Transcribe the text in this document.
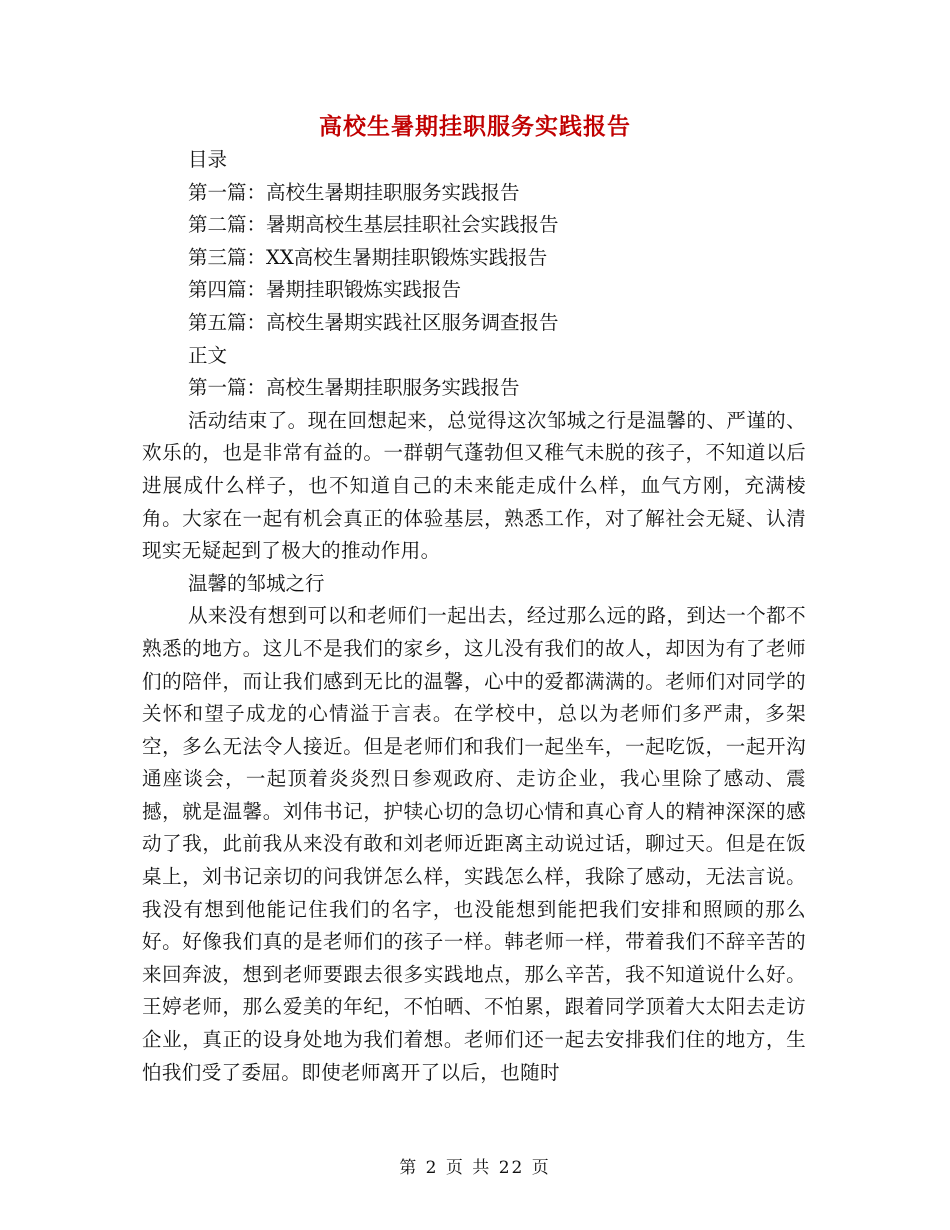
高校生暑期挂职服务实践报告

目录

第一篇：高校生暑期挂职服务实践报告

第二篇：暑期高校生基层挂职社会实践报告

第三篇：XX高校生暑期挂职锻炼实践报告

第四篇：暑期挂职锻炼实践报告

第五篇：高校生暑期实践社区服务调查报告

正文

第一篇：高校生暑期挂职服务实践报告

活动结束了。现在回想起来，总觉得这次邹城之行是温馨的、严谨的、欢乐的，也是非常有益的。一群朝气蓬勃但又稚气未脱的孩子，不知道以后进展成什么样子，也不知道自己的未来能走成什么样，血气方刚，充满棱角。大家在一起有机会真正的体验基层，熟悉工作，对了解社会无疑、认清现实无疑起到了极大的推动作用。

温馨的邹城之行

从来没有想到可以和老师们一起出去，经过那么远的路，到达一个都不熟悉的地方。这儿不是我们的家乡，这儿没有我们的故人，却因为有了老师们的陪伴，而让我们感到无比的温馨，心中的爱都满满的。老师们对同学的关怀和望子成龙的心情溢于言表。在学校中，总以为老师们多严肃，多架空，多么无法令人接近。但是老师们和我们一起坐车，一起吃饭，一起开沟通座谈会，一起顶着炎炎烈日参观政府、走访企业，我心里除了感动、震撼，就是温馨。刘伟书记，护犊心切的急切心情和真心育人的精神深深的感动了我，此前我从来没有敢和刘老师近距离主动说过话，聊过天。但是在饭桌上，刘书记亲切的问我饼怎么样，实践怎么样，我除了感动，无法言说。我没有想到他能记住我们的名字，也没能想到能把我们安排和照顾的那么好。好像我们真的是老师们的孩子一样。韩老师一样，带着我们不辞辛苦的来回奔波，想到老师要跟去很多实践地点，那么辛苦，我不知道说什么好。王婷老师，那么爱美的年纪，不怕晒、不怕累，跟着同学顶着大太阳去走访企业，真正的设身处地为我们着想。老师们还一起去安排我们住的地方，生怕我们受了委屈。即使老师离开了以后，也随时

第 2 页 共 22 页
